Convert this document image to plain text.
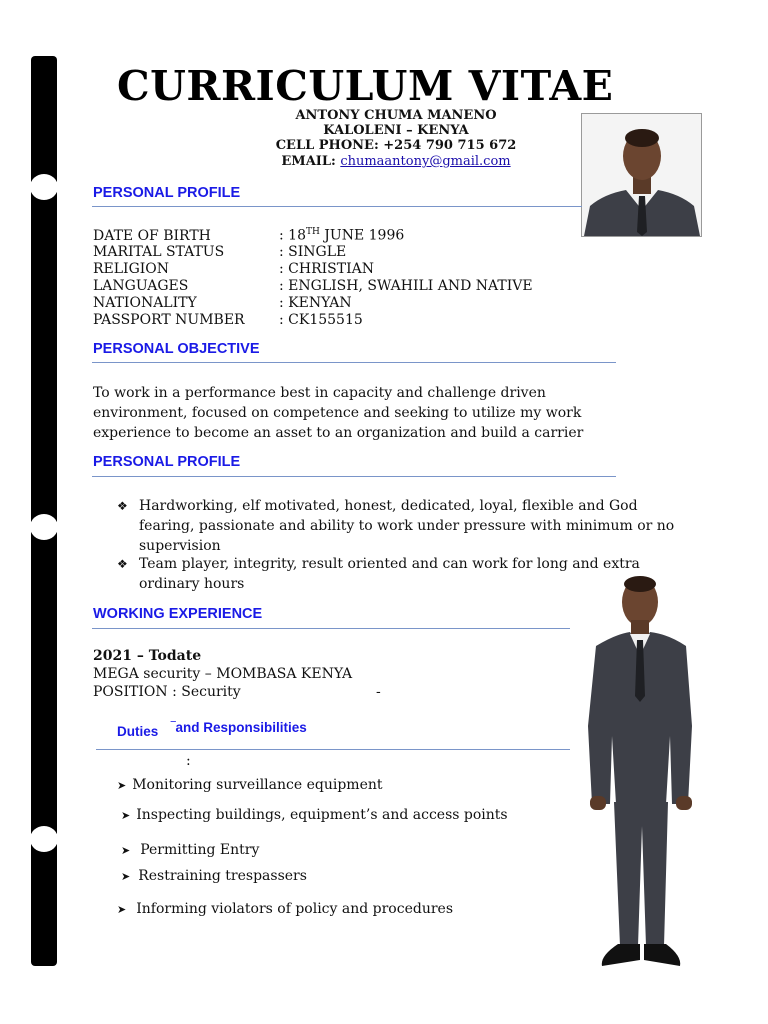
CURRICULUM VITAE
ANTONY CHUMA MANENO
KALOLENI – KENYA
CELL PHONE: +254 790 715 672
EMAIL: chumaantony@gmail.com
PERSONAL PROFILE
DATE OF BIRTH	: 18TH JUNE 1996
MARITAL STATUS	: SINGLE
RELIGION	: CHRISTIAN
LANGUAGES	: ENGLISH, SWAHILI AND NATIVE
NATIONALITY	: KENYAN
PASSPORT NUMBER : CK155515
PERSONAL OBJECTIVE
To work in a performance best in capacity and challenge driven environment, focused on competence and seeking to utilize my work experience to become an asset to an organization and build a carrier
PERSONAL PROFILE
❖ Hardworking, elf motivated, honest, dedicated, loyal, flexible and God fearing, passionate and ability to work under pressure with minimum or no supervision
❖ Team player, integrity, result oriented and can work for long and extra ordinary hours
WORKING EXPERIENCE
2021 – Todate
MEGA security – MOMBASA KENYA
POSITION : Security	-
Duties ‾and Responsibilities
:
➤ Monitoring surveillance equipment
➤ Inspecting buildings, equipment’s and access points
➤ Permitting Entry
➤ Restraining trespassers
➤ Informing violators of policy and procedures
